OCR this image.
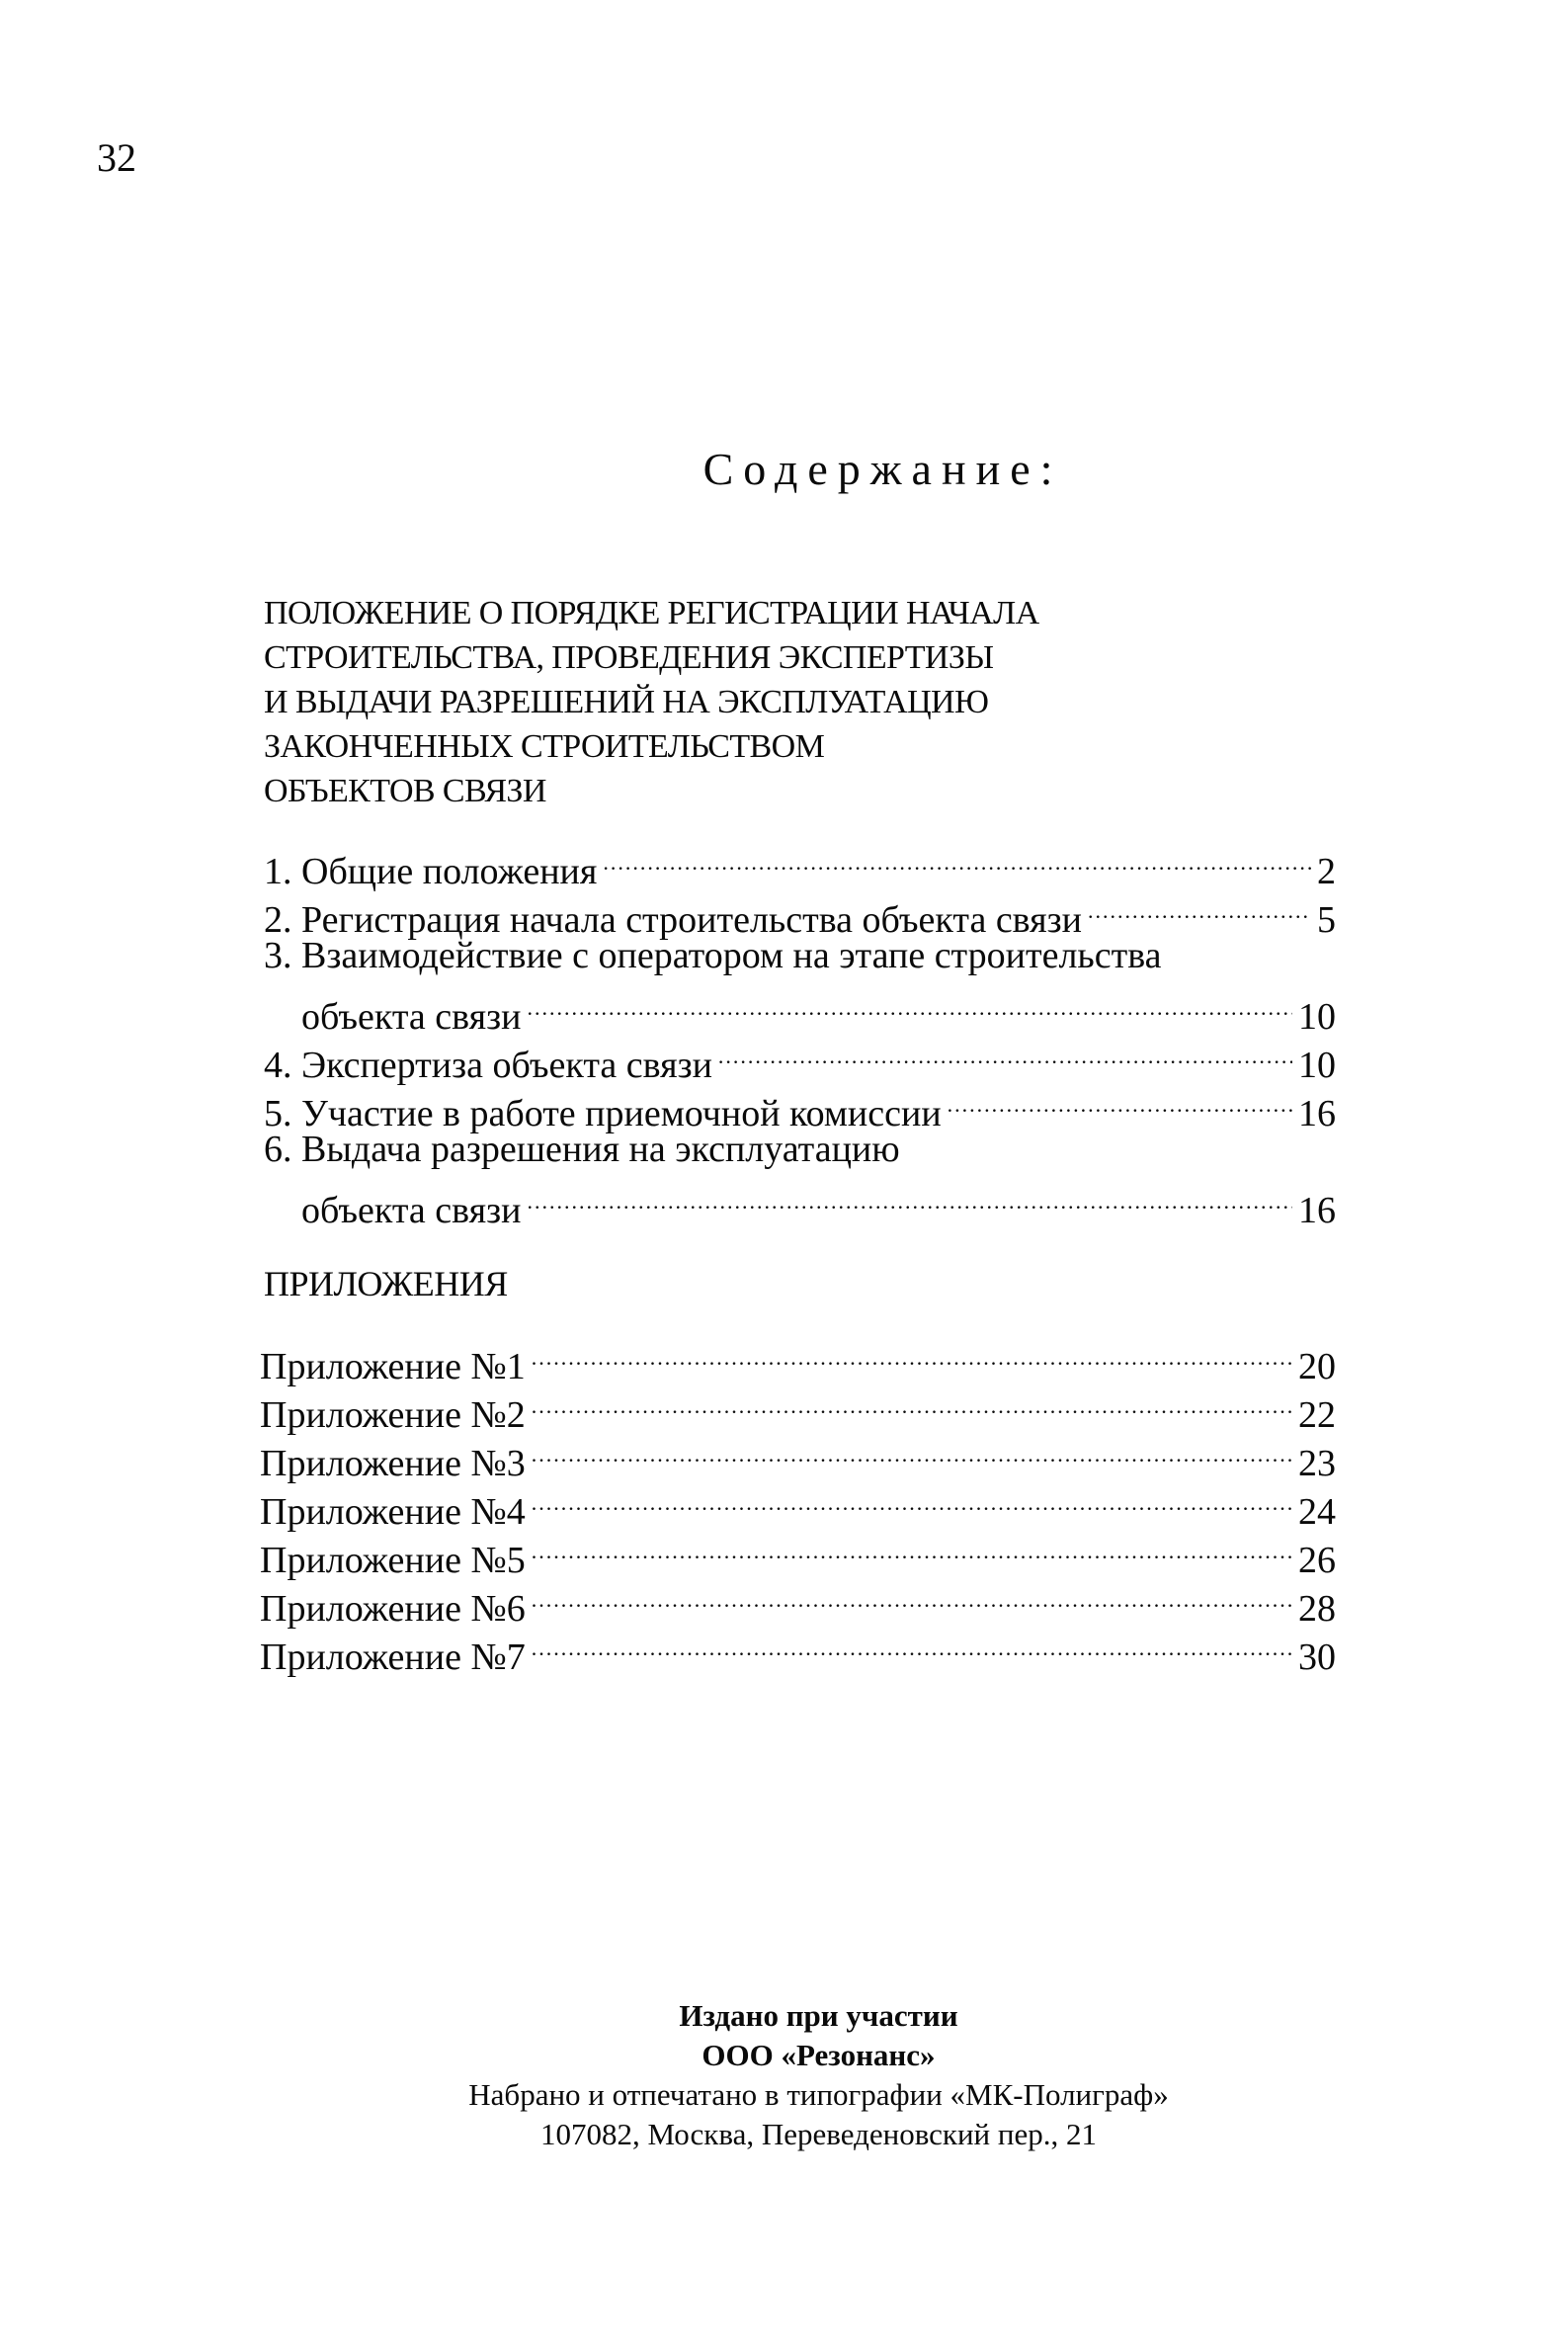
32
Содержание:
ПОЛОЖЕНИЕ О ПОРЯДКЕ РЕГИСТРАЦИИ НАЧАЛА
СТРОИТЕЛЬСТВА, ПРОВЕДЕНИЯ ЭКСПЕРТИЗЫ
И ВЫДАЧИ РАЗРЕШЕНИЙ НА ЭКСПЛУАТАЦИЮ
ЗАКОНЧЕННЫХ СТРОИТЕЛЬСТВОМ
ОБЪЕКТОВ СВЯЗИ
1. Общие положения .....	2
2. Регистрация начала строительства объекта связи .....	5
3. Взаимодействие с оператором на этапе строительства
объекта связи .....	10
4. Экспертиза объекта связи .....	10
5. Участие в работе приемочной комиссии .....	16
6. Выдача разрешения на эксплуатацию
объекта связи .....	16
ПРИЛОЖЕНИЯ
Приложение №1 .....	20
Приложение №2 .....	22
Приложение №3 .....	23
Приложение №4 .....	24
Приложение №5 .....	26
Приложение №6 .....	28
Приложение №7 .....	30
Издано при участии
ООО «Резонанс»
Набрано и отпечатано в типографии «МК-Полиграф»
107082, Москва, Переведеновский пер., 21
